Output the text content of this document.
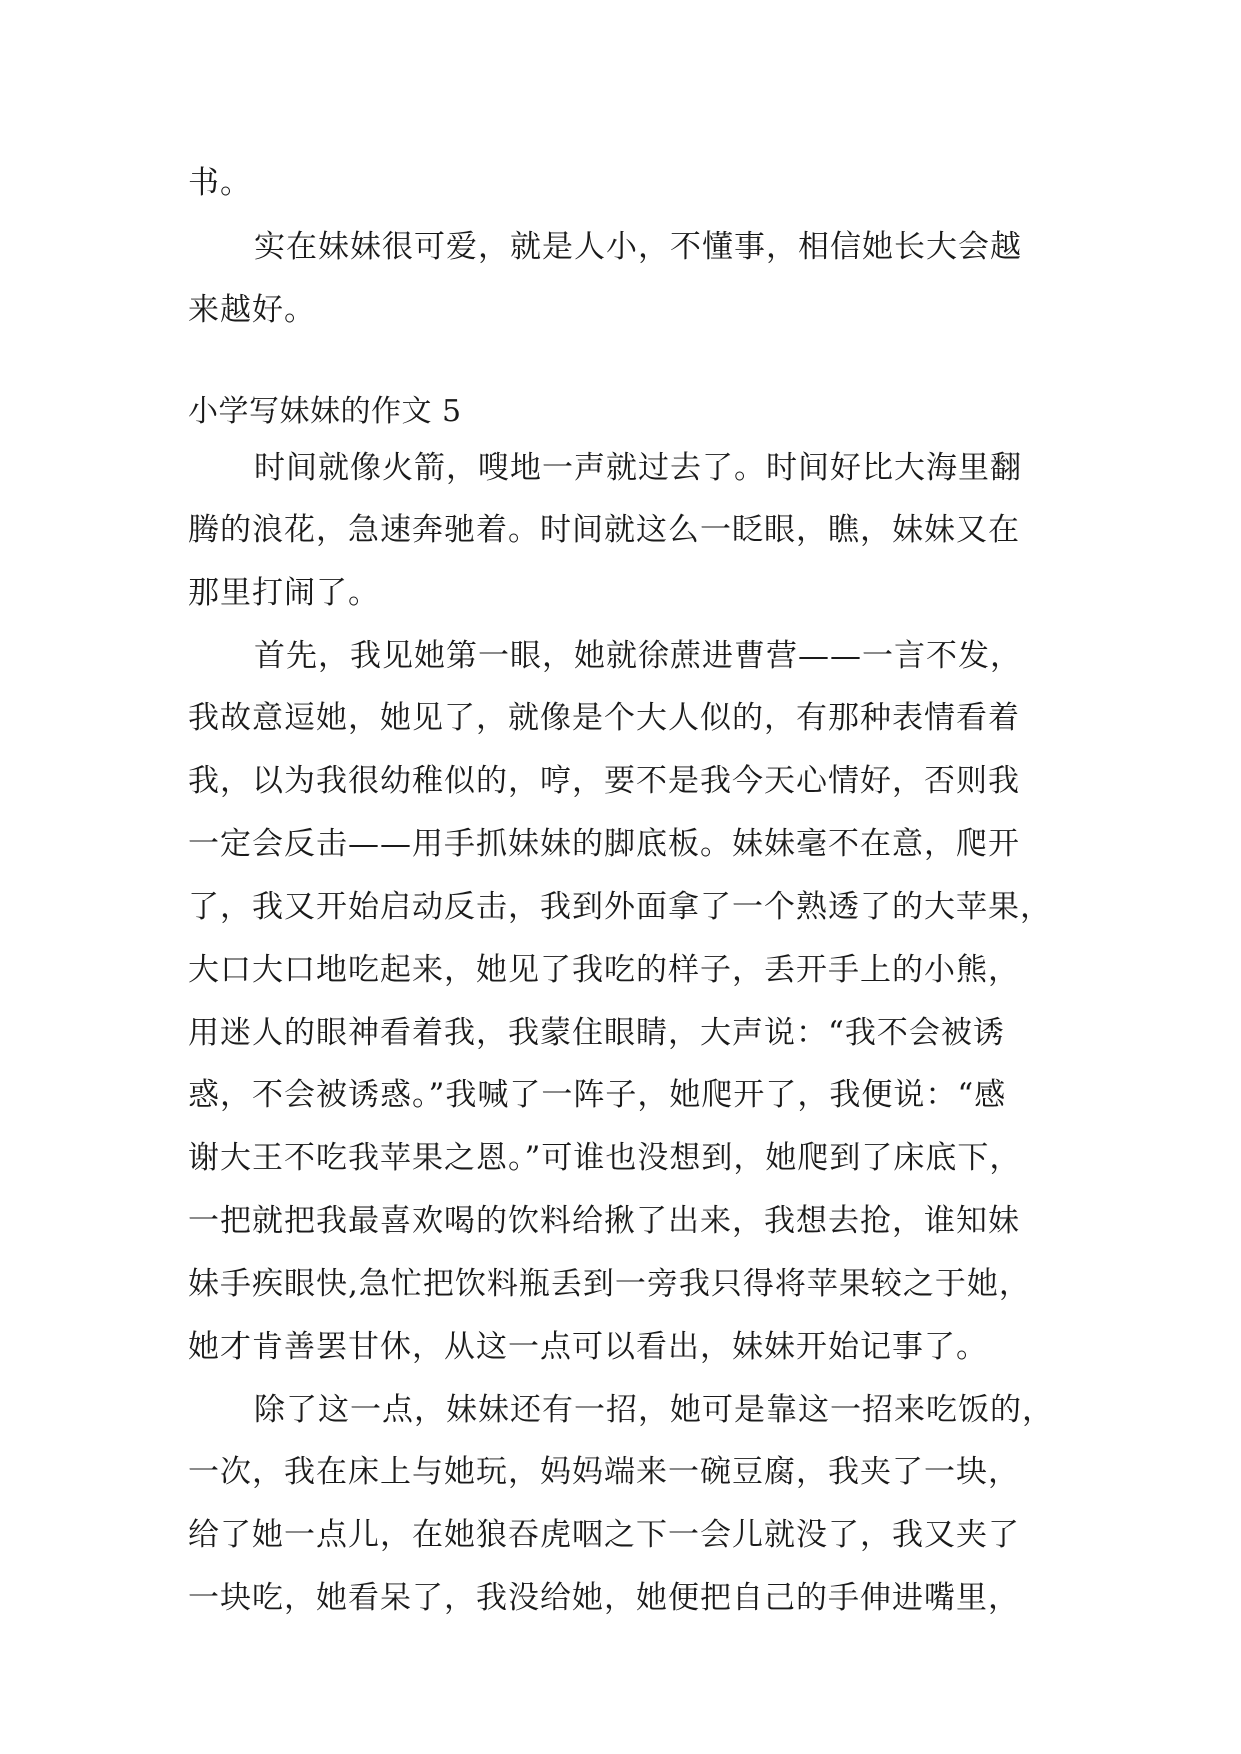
书。
实在妹妹很可爱，就是人小，不懂事，相信她长大会越
来越好。
小学写妹妹的作文 5
时间就像火箭，嗖地一声就过去了。时间好比大海里翻
腾的浪花，急速奔驰着。时间就这么一眨眼，瞧，妹妹又在
那里打闹了。
首先，我见她第一眼，她就徐蔗进曹营——一言不发，
我故意逗她，她见了，就像是个大人似的，有那种表情看着
我，以为我很幼稚似的，哼，要不是我今天心情好，否则我
一定会反击——用手抓妹妹的脚底板。妹妹毫不在意，爬开
了，我又开始启动反击，我到外面拿了一个熟透了的大苹果，
大口大口地吃起来，她见了我吃的样子，丢开手上的小熊，
用迷人的眼神看着我，我蒙住眼睛，大声说：“我不会被诱
惑，不会被诱惑。”我喊了一阵子，她爬开了，我便说：“感
谢大王不吃我苹果之恩。”可谁也没想到，她爬到了床底下，
一把就把我最喜欢喝的饮料给揪了出来，我想去抢，谁知妹
妹手疾眼快,急忙把饮料瓶丢到一旁我只得将苹果较之于她，
她才肯善罢甘休，从这一点可以看出，妹妹开始记事了。
除了这一点，妹妹还有一招，她可是靠这一招来吃饭的，
一次，我在床上与她玩，妈妈端来一碗豆腐，我夹了一块，
给了她一点儿，在她狼吞虎咽之下一会儿就没了，我又夹了
一块吃，她看呆了，我没给她，她便把自己的手伸进嘴里，
